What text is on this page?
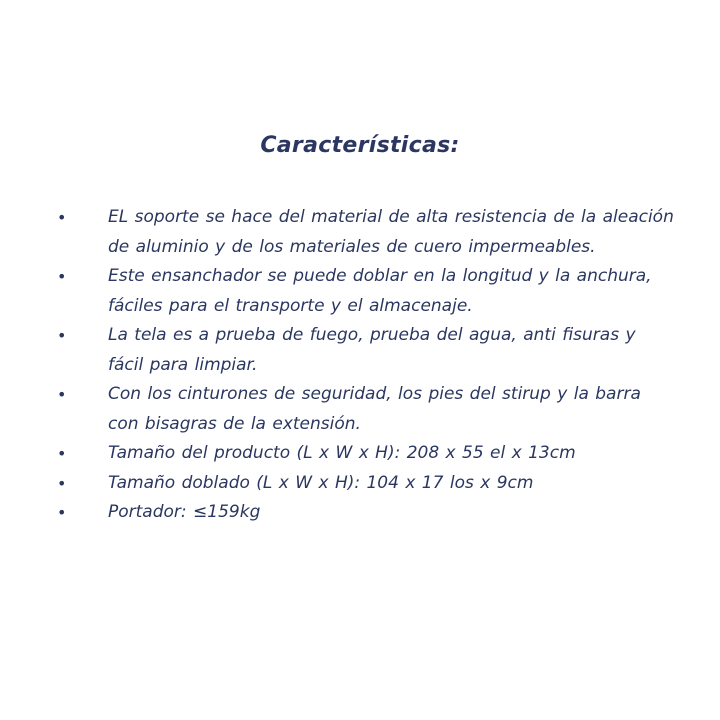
Características:
• EL soporte se hace del material de alta resistencia de la aleación de aluminio y de los materiales de cuero impermeables.
• Este ensanchador se puede doblar en la longitud y la anchura, fáciles para el transporte y el almacenaje.
• La tela es a prueba de fuego, prueba del agua, anti fisuras y fácil para limpiar.
• Con los cinturones de seguridad, los pies del stirup y la barra con bisagras de la extensión.
• Tamaño del producto (L x W x H): 208 x 55 el x 13cm
• Tamaño doblado (L x W x H): 104 x 17 los x 9cm
• Portador: ≤159kg
